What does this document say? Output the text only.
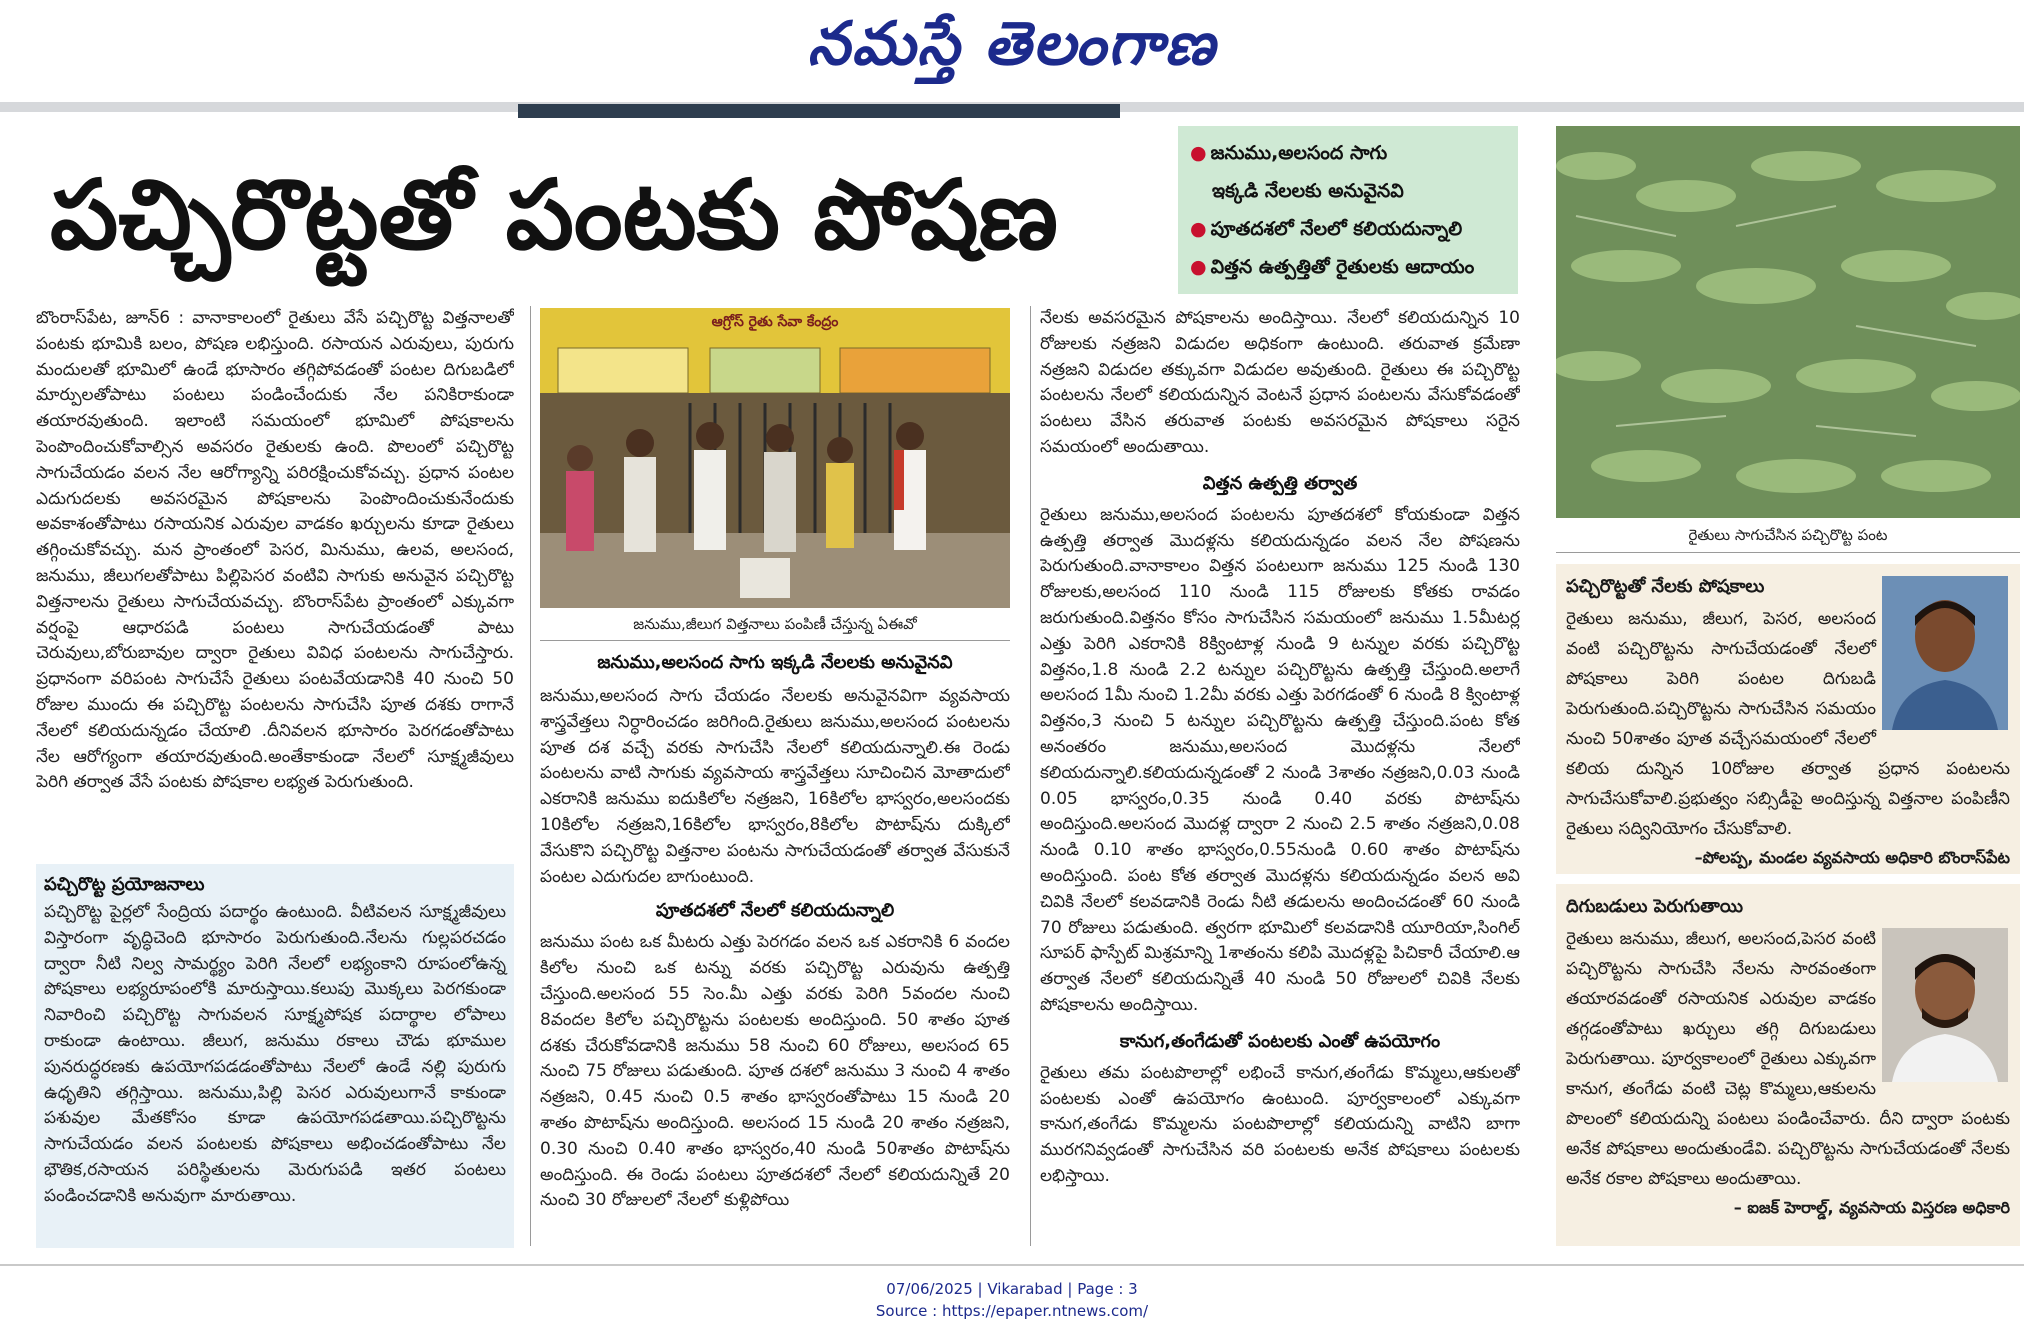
నమస్తే తెలంగాణ
పచ్చిరొట్టతో పంటకు పోషణ
● జనుము,అలసంద సాగు
ఇక్కడి నేలలకు అనువైనవి
● పూతదశలో నేలలో కలియదున్నాలి
● విత్తన ఉత్పత్తితో రైతులకు ఆదాయం

బొంరాస్‌పేట, జూన్6 : వానాకాలంలో రైతులు వేసే పచ్చిరొట్ట విత్తనాలతో పంటకు భూమికి బలం, పోషణ లభిస్తుంది. రసాయన ఎరువులు, పురుగు మందులతో భూమిలో ఉండే భూసారం తగ్గిపోవడంతో పంటల దిగుబడిలో మార్పులతోపాటు పంటలు పండించేందుకు నేల పనికిరాకుండా తయారవుతుంది. ఇలాంటి సమయంలో భూమిలో పోషకాలను పెంపొందించుకోవాల్సిన అవసరం రైతులకు ఉంది. పొలంలో పచ్చిరొట్ట సాగుచేయడం వలన నేల ఆరోగ్యాన్ని పరిరక్షించుకోవచ్చు. ప్రధాన పంటల ఎదుగుదలకు అవసరమైన పోషకాలను పెంపొందించుకునేందుకు అవకాశంతోపాటు రసాయనిక ఎరువుల వాడకం ఖర్చులను కూడా రైతులు తగ్గించుకోవచ్చు. మన ప్రాంతంలో పెసర, మినుము, ఉలవ, అలసంద, జనుము, జీలుగలతోపాటు పిల్లిపెసర వంటివి సాగుకు అనువైన పచ్చిరొట్ట విత్తనాలను రైతులు సాగుచేయవచ్చు. బొంరాస్‌పేట ప్రాంతంలో ఎక్కువగా వర్షంపై ఆధారపడి పంటలు సాగుచేయడంతో పాటు చెరువులు,బోరుబావుల ద్వారా రైతులు వివిధ పంటలను సాగుచేస్తారు. ప్రధానంగా వరిపంట సాగుచేసే రైతులు పంటవేయడానికి 40 నుంచి 50 రోజుల ముందు ఈ పచ్చిరొట్ట పంటలను సాగుచేసి పూత దశకు రాగానే నేలలో కలియదున్నడం చేయాలి .దీనివలన భూసారం పెరగడంతోపాటు నేల ఆరోగ్యంగా తయారవుతుంది.అంతేకాకుండా నేలలో సూక్ష్మజీవులు పెరిగి తర్వాత వేసే పంటకు పోషకాల లభ్యత పెరుగుతుంది.

పచ్చిరొట్ట ప్రయోజనాలు
పచ్చిరొట్ట పైర్లలో సేంద్రియ పదార్థం ఉంటుంది. వీటివలన సూక్ష్మజీవులు విస్తారంగా వృద్ధిచెంది భూసారం పెరుగుతుంది.నేలను గుల్లపరచడం ద్వారా నీటి నిల్వ సామర్థ్యం పెరిగి నేలలో లభ్యంకాని రూపంలోఉన్న పోషకాలు లభ్యరూపంలోకి మారుస్తాయి.కలుపు మొక్కలు పెరగకుండా నివారించి పచ్చిరొట్ట సాగువలన సూక్ష్మపోషక పదార్థాల లోపాలు రాకుండా ఉంటాయి. జీలుగ, జనుము రకాలు చౌడు భూముల పునరుద్ధరణకు ఉపయోగపడడంతోపాటు నేలలో ఉండే నల్లి పురుగు ఉధృతిని తగ్గిస్తాయి. జనుము,పిల్లి పెసర ఎరువులుగానే కాకుండా పశువుల మేతకోసం కూడా ఉపయోగపడతాయి.పచ్చిరొట్టను సాగుచేయడం వలన పంటలకు పోషకాలు అభించడంతోపాటు నేల భౌతిక,రసాయన పరిస్థితులను మెరుగుపడి ఇతర పంటలు పండించడానికి అనువుగా మారుతాయి.
ఆగ్రోస్ రైతు సేవా కేంద్రం
జనుము,జీలుగ విత్తనాలు పంపిణీ చేస్తున్న ఏఈవో
జనుము,అలసంద సాగు ఇక్కడి నేలలకు అనువైనవి
జనుము,అలసంద సాగు చేయడం నేలలకు అనువైనవిగా వ్యవసాయ శాస్త్రవేత్తలు నిర్ధారించడం జరిగింది.రైతులు జనుము,అలసంద పంటలను పూత దశ వచ్చే వరకు సాగుచేసి నేలలో కలియదున్నాలి.ఈ రెండు పంటలను వాటి సాగుకు వ్యవసాయ శాస్త్రవేత్తలు సూచించిన మోతాదులో ఎకరానికి జనుము ఐదుకిలోల నత్రజని, 16కిలోల భాస్వరం,అలసందకు 10కిలోల నత్రజని,16కిలోల భాస్వరం,8కిలోల పొటాష్‌ను దుక్కిలో వేసుకొని పచ్చిరొట్ట విత్తనాల పంటను సాగుచేయడంతో తర్వాత వేసుకునే పంటల ఎదుగుదల బాగుంటుంది.
పూతదశలో నేలలో కలియదున్నాలి
జనుము పంట ఒక మీటరు ఎత్తు పెరగడం వలన ఒక ఎకరానికి 6 వందల కిలోల నుంచి ఒక టన్ను వరకు పచ్చిరొట్ట ఎరువును ఉత్పత్తి చేస్తుంది.అలసంద 55 సెం.మీ ఎత్తు వరకు పెరిగి 5వందల నుంచి 8వందల కిలోల పచ్చిరొట్టను పంటలకు అందిస్తుంది. 50 శాతం పూత దశకు చేరుకోవడానికి జనుము 58 నుంచి 60 రోజులు, అలసంద 65 నుంచి 75 రోజులు పడుతుంది. పూత దశలో జనుము 3 నుంచి 4 శాతం నత్రజని, 0.45 నుంచి 0.5 శాతం భాస్వరంతోపాటు 15 నుండి 20 శాతం పొటాష్‌ను అందిస్తుంది. అలసంద 15 నుండి 20 శాతం నత్రజని, 0.30 నుంచి 0.40 శాతం భాస్వరం,40 నుండి 50శాతం పొటాష్‌ను అందిస్తుంది. ఈ రెండు పంటలు పూతదశలో నేలలో కలియదున్నితే 20 నుంచి 30 రోజులలో నేలలో కుళ్లిపోయి
నేలకు అవసరమైన పోషకాలను అందిస్తాయి. నేలలో కలియదున్నిన 10 రోజులకు నత్రజని విడుదల అధికంగా ఉంటుంది. తరువాత క్రమేణా నత్రజని విడుదల తక్కువగా విడుదల అవుతుంది. రైతులు ఈ పచ్చిరొట్ట పంటలను నేలలో కలియదున్నిన వెంటనే ప్రధాన పంటలను వేసుకోవడంతో పంటలు వేసిన తరువాత పంటకు అవసరమైన పోషకాలు సరైన సమయంలో అందుతాయి.
విత్తన ఉత్పత్తి తర్వాత
రైతులు జనుము,అలసంద పంటలను పూతదశలో కోయకుండా విత్తన ఉత్పత్తి తర్వాత మొదళ్లను కలియదున్నడం వలన నేల పోషణను పెరుగుతుంది.వానాకాలం విత్తన పంటలుగా జనుము 125 నుండి 130 రోజులకు,అలసంద 110 నుండి 115 రోజులకు కోతకు రావడం జరుగుతుంది.విత్తనం కోసం సాగుచేసిన సమయంలో జనుము 1.5మీటర్ల ఎత్తు పెరిగి ఎకరానికి 8క్వింటాళ్ల నుండి 9 టన్నుల వరకు పచ్చిరొట్ట విత్తనం,1.8 నుండి 2.2 టన్నుల పచ్చిరొట్టను ఉత్పత్తి చేస్తుంది.అలాగే అలసంద 1మీ నుంచి 1.2మీ వరకు ఎత్తు పెరగడంతో 6 నుండి 8 క్వింటాళ్ల విత్తనం,3 నుంచి 5 టన్నుల పచ్చిరొట్టను ఉత్పత్తి చేస్తుంది.పంట కోత అనంతరం జనుము,అలసంద మొదళ్లను నేలలో కలియదున్నాలి.కలియదున్నడంతో 2 నుండి 3శాతం నత్రజని,0.03 నుండి 0.05 భాస్వరం,0.35 నుండి 0.40 వరకు పొటాష్‌ను అందిస్తుంది.అలసంద మొదళ్ల ద్వారా 2 నుంచి 2.5 శాతం నత్రజని,0.08 నుండి 0.10 శాతం భాస్వరం,0.55నుండి 0.60 శాతం పొటాష్‌ను అందిస్తుంది. పంట కోత తర్వాత మొదళ్లను కలియదున్నడం వలన అవి చివికి నేలలో కలవడానికి రెండు నీటి తడులను అందించడంతో 60 నుండి 70 రోజులు పడుతుంది. త్వరగా భూమిలో కలవడానికి యూరియా,సింగిల్ సూపర్ ఫాస్పేట్ మిశ్రమాన్ని 1శాతంను కలిపి మొదళ్లపై పిచికారీ చేయాలి.ఆ తర్వాత నేలలో కలియదున్నితే 40 నుండి 50 రోజులలో చివికి నేలకు పోషకాలను అందిస్తాయి.
కానుగ,తంగేడుతో పంటలకు ఎంతో ఉపయోగం
రైతులు తమ పంటపొలాల్లో లభించే కానుగ,తంగేడు కొమ్మలు,ఆకులతో పంటలకు ఎంతో ఉపయోగం ఉంటుంది. పూర్వకాలంలో ఎక్కువగా కానుగ,తంగేడు కొమ్మలను పంటపొలాల్లో కలియదున్ని వాటిని బాగా మురగనివ్వడంతో సాగుచేసిన వరి పంటలకు అనేక పోషకాలు పంటలకు లభిస్తాయి.
రైతులు సాగుచేసిన పచ్చిరొట్ట పంట
పచ్చిరొట్టతో నేలకు పోషకాలు
రైతులు జనుము, జీలుగ, పెసర, అలసంద వంటి పచ్చిరొట్టను సాగుచేయడంతో నేలలో పోషకాలు పెరిగి పంటల దిగుబడి పెరుగుతుంది.పచ్చిరొట్టను సాగుచేసిన సమయం నుంచి 50శాతం పూత వచ్చేసమయంలో నేలలో కలియ దున్నిన 10రోజుల తర్వాత ప్రధాన పంటలను సాగుచేసుకోవాలి.ప్రభుత్వం సబ్సిడీపై అందిస్తున్న విత్తనాల పంపిణీని రైతులు సద్వినియోగం చేసుకోవాలి.
–పోలప్ప, మండల వ్యవసాయ అధికారి బొంరాస్‌పేట
దిగుబడులు పెరుగుతాయి
రైతులు జనుము, జీలుగ, అలసంద,పెసర వంటి పచ్చిరొట్టను సాగుచేసి నేలను సారవంతంగా తయారవడంతో రసాయనిక ఎరువుల వాడకం తగ్గడంతోపాటు ఖర్చులు తగ్గి దిగుబడులు పెరుగుతాయి. పూర్వకాలంలో రైతులు ఎక్కువగా కానుగ, తంగేడు వంటి చెట్ల కొమ్మలు,ఆకులను పొలంలో కలియదున్ని పంటలు పండించేవారు. దీని ద్వారా పంటకు అనేక పోషకాలు అందుతుండేవి. పచ్చిరొట్టను సాగుచేయడంతో నేలకు అనేక రకాల పోషకాలు అందుతాయి.
– ఐజక్ హెరాల్డ్, వ్యవసాయ విస్తరణ అధికారి
07/06/2025 | Vikarabad | Page : 3
Source : https://epaper.ntnews.com/
